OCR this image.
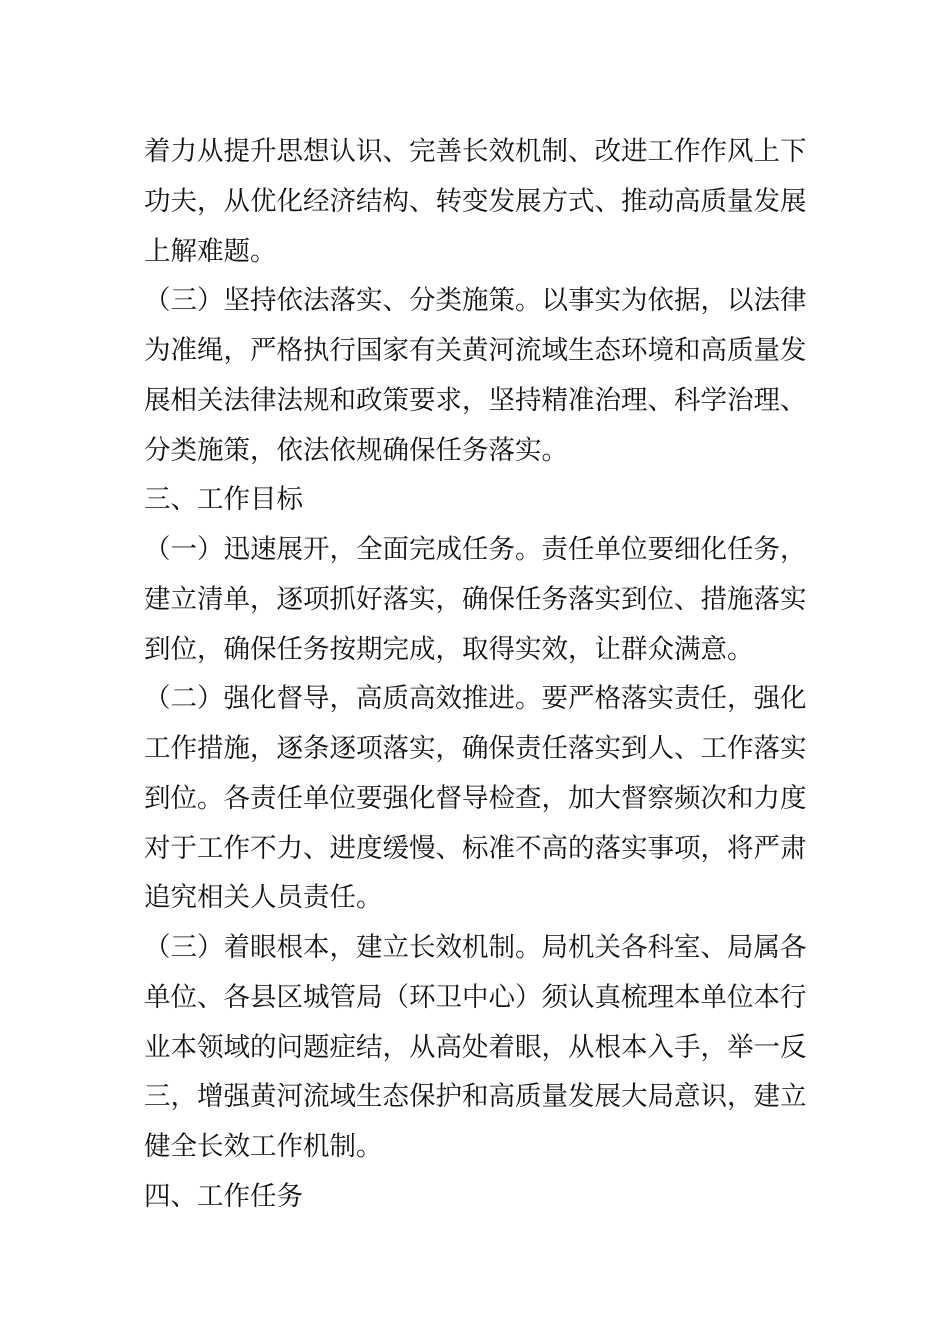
着力从提升思想认识、完善长效机制、改进工作作风上下
功夫，从优化经济结构、转变发展方式、推动高质量发展
上解难题。
（三）坚持依法落实、分类施策。以事实为依据，以法律
为准绳，严格执行国家有关黄河流域生态环境和高质量发
展相关法律法规和政策要求，坚持精准治理、科学治理、
分类施策，依法依规确保任务落实。
三、工作目标
（一）迅速展开，全面完成任务。责任单位要细化任务，
建立清单，逐项抓好落实，确保任务落实到位、措施落实
到位，确保任务按期完成，取得实效，让群众满意。
（二）强化督导，高质高效推进。要严格落实责任，强化
工作措施，逐条逐项落实，确保责任落实到人、工作落实
到位。各责任单位要强化督导检查，加大督察频次和力度
对于工作不力、进度缓慢、标准不高的落实事项，将严肃
追究相关人员责任。
（三）着眼根本，建立长效机制。局机关各科室、局属各
单位、各县区城管局（环卫中心）须认真梳理本单位本行
业本领域的问题症结，从高处着眼，从根本入手，举一反
三，增强黄河流域生态保护和高质量发展大局意识，建立
健全长效工作机制。
四、工作任务
